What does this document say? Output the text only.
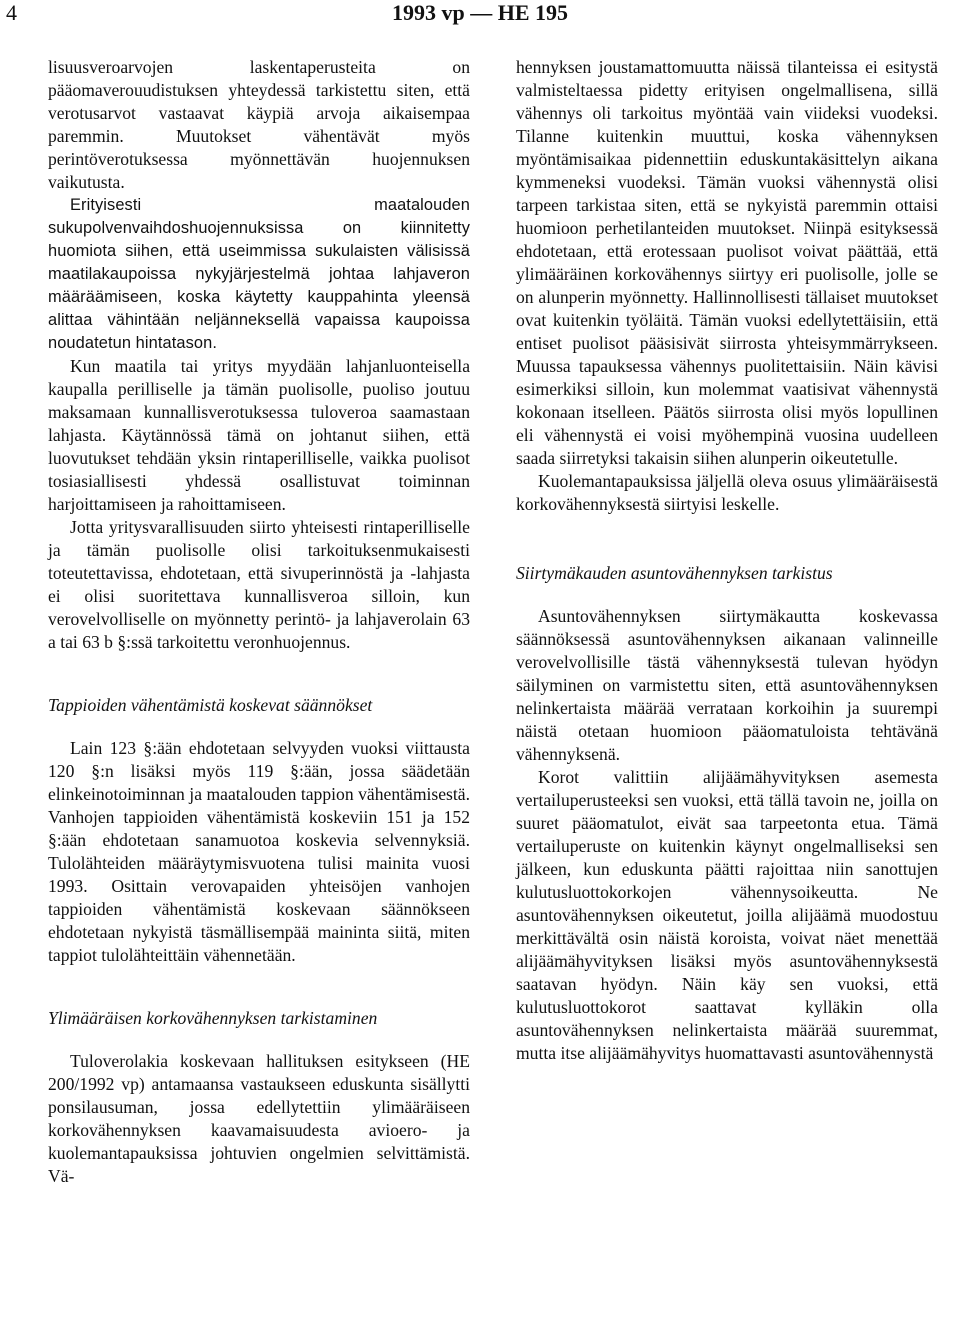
4	1993 vp — HE 195

lisuusveroarvojen laskentaperusteita on pääomaverouudistuksen yhteydessä tarkistettu siten, että verotusarvot vastaavat käypiä arvoja aikaisempaa paremmin. Muutokset vähentävät myös perintöverotuksessa myönnettävän huojennuksen vaikutusta.

Erityisesti maatalouden sukupolvenvaihdoshuojennuksissa on kiinnitetty huomiota siihen, että useimmissa sukulaisten välisissä maatilakaupoissa nykyjärjestelmä johtaa lahjaveron määräämiseen, koska käytetty kauppahinta yleensä alittaa vähintään neljänneksellä vapaissa kaupoissa noudatetun hintatason.

Kun maatila tai yritys myydään lahjanluonteisella kaupalla perilliselle ja tämän puolisolle, puoliso joutuu maksamaan kunnallisverotuksessa tuloveroa saamastaan lahjasta. Käytännössä tämä on johtanut siihen, että luovutukset tehdään yksin rintaperilliselle, vaikka puolisot tosiasiallisesti yhdessä osallistuvat toiminnan harjoittamiseen ja rahoittamiseen.

Jotta yritysvarallisuuden siirto yhteisesti rintaperilliselle ja tämän puolisolle olisi tarkoituksenmukaisesti toteutettavissa, ehdotetaan, että sivuperinnöstä ja -lahjasta ei olisi suoritettava kunnallisveroa silloin, kun verovelvolliselle on myönnetty perintö- ja lahjaverolain 63 a tai 63 b §:ssä tarkoitettu veronhuojennus.

Tappioiden vähentämistä koskevat säännökset

Lain 123 §:ään ehdotetaan selvyyden vuoksi viittausta 120 §:n lisäksi myös 119 §:ään, jossa säädetään elinkeinotoiminnan ja maatalouden tappion vähentämisestä. Vanhojen tappioiden vähentämistä koskeviin 151 ja 152 §:ään ehdotetaan sanamuotoa koskevia selvennyksiä. Tulolähteiden määräytymisvuotena tulisi mainita vuosi 1993. Osittain verovapaiden yhteisöjen vanhojen tappioiden vähentämistä koskevaan säännökseen ehdotetaan nykyistä täsmällisempää maininta siitä, miten tappiot tulolähteittäin vähennetään.

Ylimääräisen korkovähennyksen tarkistaminen

Tuloverolakia koskevaan hallituksen esitykseen (HE 200/1992 vp) antamaansa vastaukseen eduskunta sisällytti ponsilausuman, jossa edellytettiin ylimääräiseen korkovähennyksen kaavamaisuudesta avioero- ja kuolemantapauksissa johtuvien ongelmien selvittämistä. Vä-

hennyksen joustamattomuutta näissä tilanteissa ei esitystä valmisteltaessa pidetty erityisen ongelmallisena, sillä vähennys oli tarkoitus myöntää vain viideksi vuodeksi. Tilanne kuitenkin muuttui, koska vähennyksen myöntämisaikaa pidennettiin eduskuntakäsittelyn aikana kymmeneksi vuodeksi. Tämän vuoksi vähennystä olisi tarpeen tarkistaa siten, että se nykyistä paremmin ottaisi huomioon perhetilanteiden muutokset. Niinpä esityksessä ehdotetaan, että erotessaan puolisot voivat päättää, että ylimääräinen korkovähennys siirtyy eri puolisolle, jolle se on alunperin myönnetty. Hallinnollisesti tällaiset muutokset ovat kuitenkin työläitä. Tämän vuoksi edellytettäisiin, että entiset puolisot pääsisivät siirrosta yhteisymmärrykseen. Muussa tapauksessa vähennys puolitettaisiin. Näin kävisi esimerkiksi silloin, kun molemmat vaatisivat vähennystä kokonaan itselleen. Päätös siirrosta olisi myös lopullinen eli vähennystä ei voisi myöhempinä vuosina uudelleen saada siirretyksi takaisin siihen alunperin oikeutetulle.

Kuolemantapauksissa jäljellä oleva osuus ylimääräisestä korkovähennyksestä siirtyisi leskelle.

Siirtymäkauden asuntovähennyksen tarkistus

Asuntovähennyksen siirtymäkautta koskevassa säännöksessä asuntovähennyksen aikanaan valinneille verovelvollisille tästä vähennyksestä tulevan hyödyn säilyminen on varmistettu siten, että asuntovähennyksen nelinkertaista määrää verrataan korkoihin ja suurempi näistä otetaan huomioon pääomatuloista tehtävänä vähennyksenä.

Korot valittiin alijäämähyvityksen asemesta vertailuperusteeksi sen vuoksi, että tällä tavoin ne, joilla on suuret pääomatulot, eivät saa tarpeetonta etua. Tämä vertailuperuste on kuitenkin käynyt ongelmalliseksi sen jälkeen, kun eduskunta päätti rajoittaa niin sanottujen kulutusluottokorkojen vähennysoikeutta. Ne asuntovähennyksen oikeutetut, joilla alijäämä muodostuu merkittävältä osin näistä koroista, voivat näet menettää alijäämähyvityksen lisäksi myös asuntovähennyksestä saatavan hyödyn. Näin käy sen vuoksi, että kulutusluottokorot saattavat kylläkin olla asuntovähennyksen nelinkertaista määrää suuremmat, mutta itse alijäämähyvitys huomattavasti asuntovähennystä
